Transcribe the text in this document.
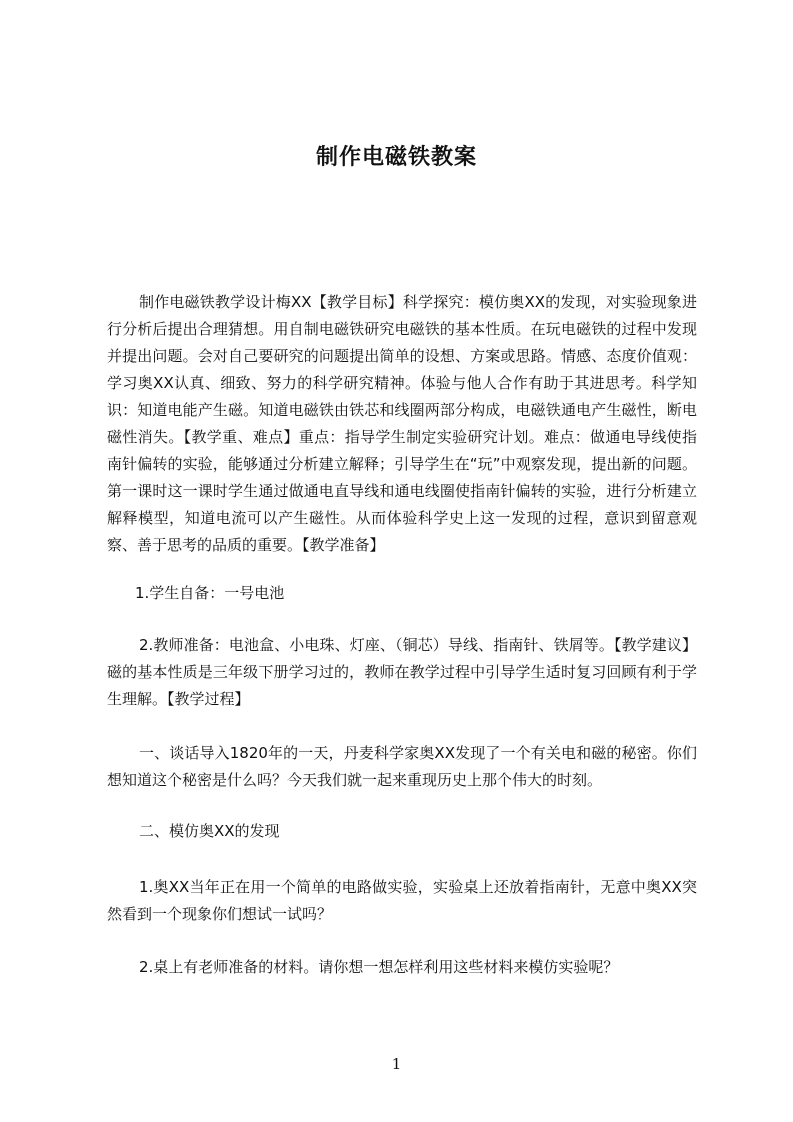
制作电磁铁教案

制作电磁铁教学设计梅XX【教学目标】科学探究：模仿奥XX的发现，对实验现象进行分析后提出合理猜想。用自制电磁铁研究电磁铁的基本性质。在玩电磁铁的过程中发现并提出问题。会对自己要研究的问题提出简单的设想、方案或思路。情感、态度价值观：学习奥XX认真、细致、努力的科学研究精神。体验与他人合作有助于其进思考。科学知识：知道电能产生磁。知道电磁铁由铁芯和线圈两部分构成，电磁铁通电产生磁性，断电磁性消失。【教学重、难点】重点：指导学生制定实验研究计划。难点：做通电导线使指南针偏转的实验，能够通过分析建立解释；引导学生在“玩”中观察发现，提出新的问题。第一课时这一课时学生通过做通电直导线和通电线圈使指南针偏转的实验，进行分析建立解释模型，知道电流可以产生磁性。从而体验科学史上这一发现的过程，意识到留意观察、善于思考的品质的重要。【教学准备】

1.学生自备：一号电池

2.教师准备：电池盒、小电珠、灯座、（铜芯）导线、指南针、铁屑等。【教学建议】磁的基本性质是三年级下册学习过的，教师在教学过程中引导学生适时复习回顾有利于学生理解。【教学过程】

一、谈话导入1820年的一天，丹麦科学家奥XX发现了一个有关电和磁的秘密。你们想知道这个秘密是什么吗？今天我们就一起来重现历史上那个伟大的时刻。

二、模仿奥XX的发现

1.奥XX当年正在用一个简单的电路做实验，实验桌上还放着指南针，无意中奥XX突然看到一个现象你们想试一试吗？

2.桌上有老师准备的材料。请你想一想怎样利用这些材料来模仿实验呢？

1
